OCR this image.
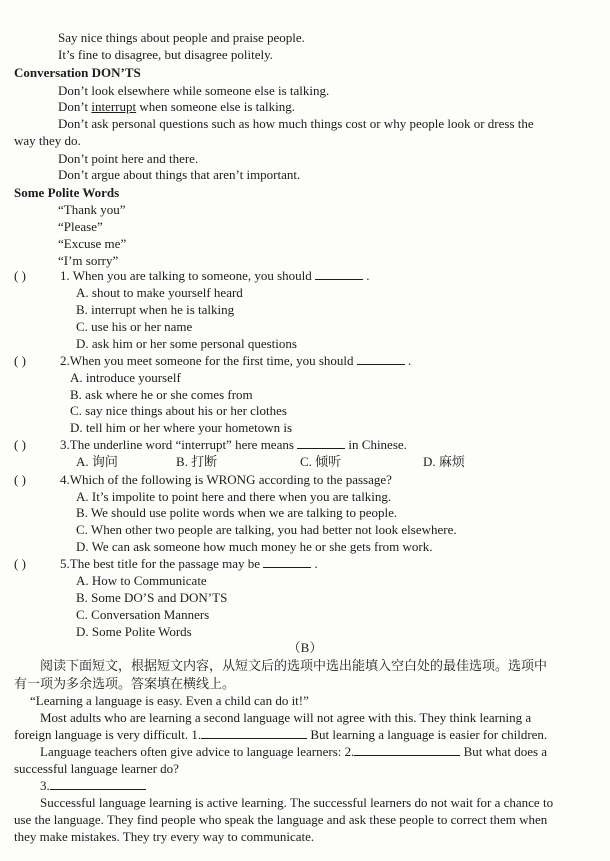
Say nice things about people and praise people.
It’s fine to disagree, but disagree politely.
Conversation DON’TS
Don’t look elsewhere while someone else is talking.
Don’t interrupt when someone else is talking.
Don’t ask personal questions such as how much things cost or why people look or dress the
way they do.
Don’t point here and there.
Don’t argue about things that aren’t important.
Some Polite Words
“Thank you”
“Please”
“Excuse me”
“I’m sorry”
( )	1. When you are talking to someone, you should	.
A. shout to make yourself heard
B. interrupt when he is talking
C. use his or her name
D. ask him or her some personal questions
( )	2.When you meet someone for the first time, you should	.
A. introduce yourself
B. ask where he or she comes from
C. say nice things about his or her clothes
D. tell him or her where your hometown is
( )	3.The underline word “interrupt” here means	in Chinese.
A. 询问	B. 打断	C. 倾听	D. 麻烦
( )	4.Which of the following is WRONG according to the passage?
A. It’s impolite to point here and there when you are talking.
B. We should use polite words when we are talking to people.
C. When other two people are talking, you had better not look elsewhere.
D. We can ask someone how much money he or she gets from work.
( )	5.The best title for the passage may be	.
A. How to Communicate
B. Some DO’S and DON’TS
C. Conversation Manners
D. Some Polite Words
（B）
阅读下面短文，根据短文内容，从短文后的选项中选出能填入空白处的最佳选项。选项中
有一项为多余选项。答案填在横线上。
“Learning a language is easy. Even a child can do it!”
Most adults who are learning a second language will not agree with this. They think learning a
foreign language is very difficult. 1.	But learning a language is easier for children.
Language teachers often give advice to language learners: 2.	But what does a
successful language learner do?
3.
Successful language learning is active learning. The successful learners do not wait for a chance to
use the language. They find people who speak the language and ask these people to correct them when
they make mistakes. They try every way to communicate.
